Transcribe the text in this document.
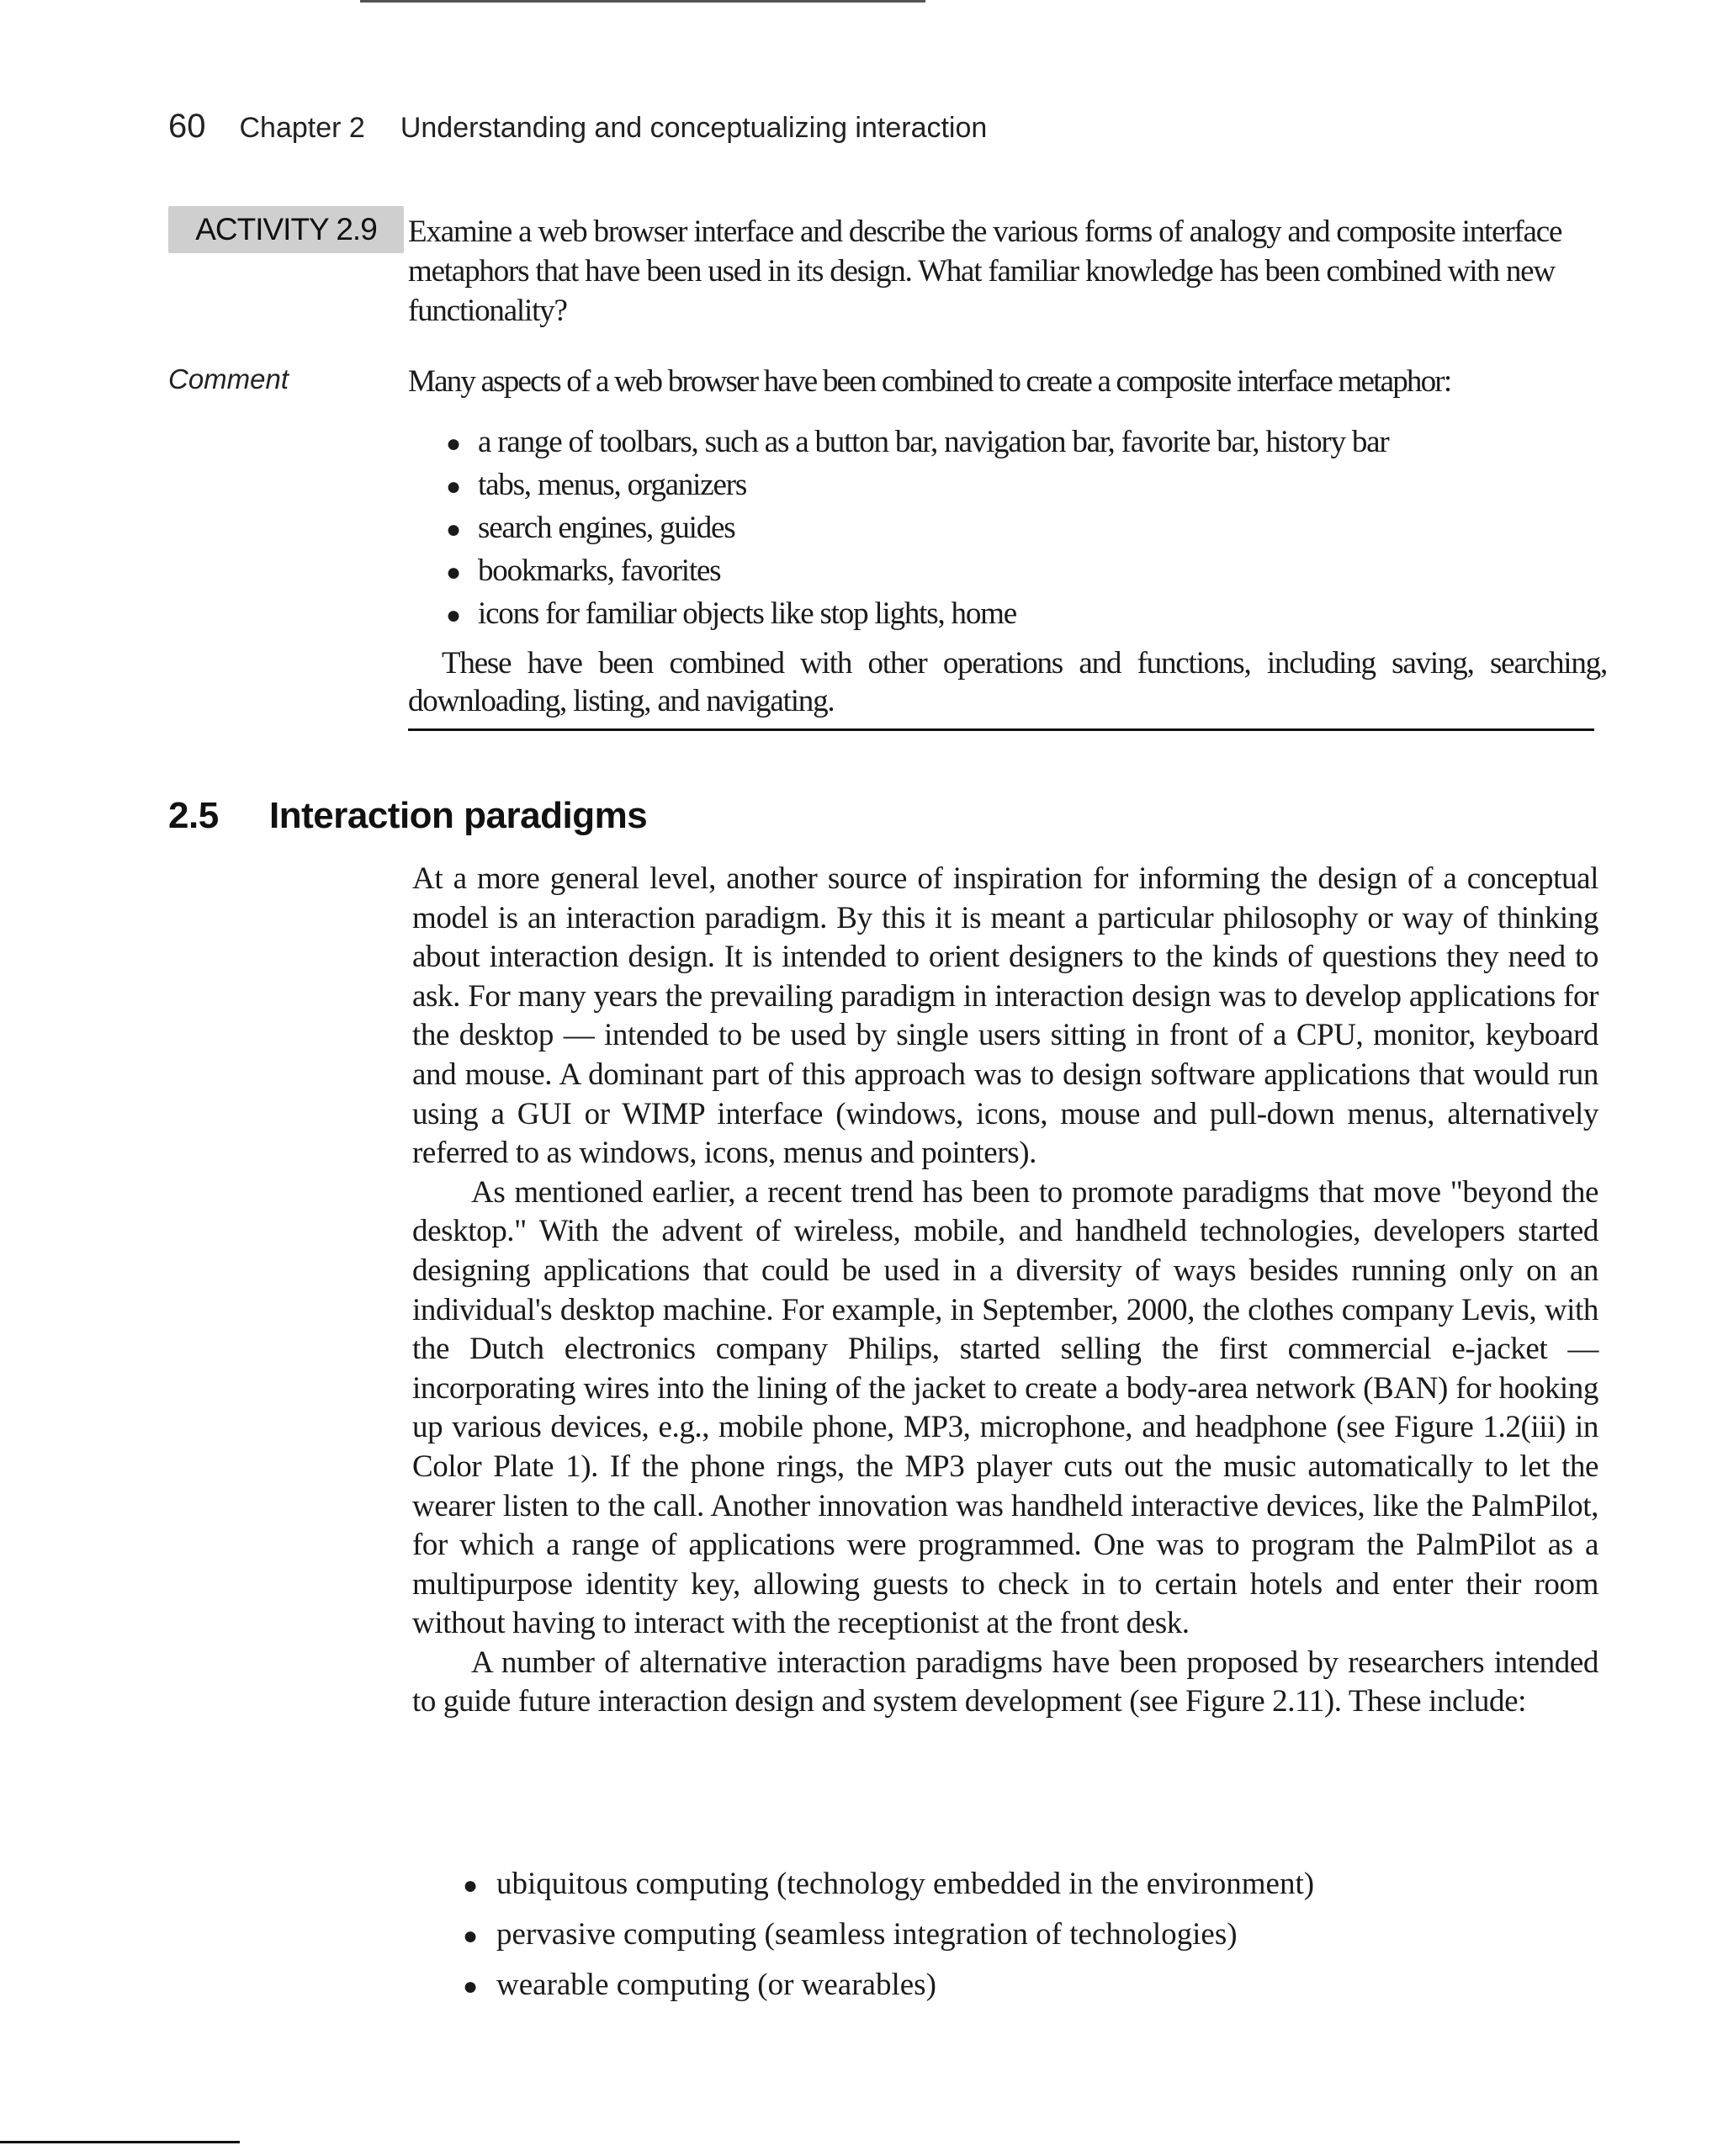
60 Chapter 2 Understanding and conceptualizing interaction
ACTIVITY 2.9	Examine a web browser interface and describe the various forms of analogy and composite interface metaphors that have been used in its design. What familiar knowledge has been combined with new functionality?

Comment	Many aspects of a web browser have been combined to create a composite interface metaphor:

● a range of toolbars, such as a button bar, navigation bar, favorite bar, history bar
● tabs, menus, organizers
● search engines, guides
● bookmarks, favorites
● icons for familiar objects like stop lights, home

These have been combined with other operations and functions, including saving, searching, downloading, listing, and navigating.

2.5 Interaction paradigms

At a more general level, another source of inspiration for informing the design of a conceptual model is an interaction paradigm. By this it is meant a particular philosophy or way of thinking about interaction design. It is intended to orient designers to the kinds of questions they need to ask. For many years the prevailing paradigm in interaction design was to develop applications for the desktop — intended to be used by single users sitting in front of a CPU, monitor, keyboard and mouse. A dominant part of this approach was to design software applications that would run using a GUI or WIMP interface (windows, icons, mouse and pull-down menus, alternatively referred to as windows, icons, menus and pointers).

As mentioned earlier, a recent trend has been to promote paradigms that move "beyond the desktop." With the advent of wireless, mobile, and handheld technologies, developers started designing applications that could be used in a diversity of ways besides running only on an individual's desktop machine. For example, in September, 2000, the clothes company Levis, with the Dutch electronics company Philips, started selling the first commercial e-jacket — incorporating wires into the lining of the jacket to create a body-area network (BAN) for hooking up various devices, e.g., mobile phone, MP3, microphone, and headphone (see Figure 1.2(iii) in Color Plate 1). If the phone rings, the MP3 player cuts out the music automatically to let the wearer listen to the call. Another innovation was handheld interactive devices, like the PalmPilot, for which a range of applications were programmed. One was to program the PalmPilot as a multipurpose identity key, allowing guests to check in to certain hotels and enter their room without having to interact with the receptionist at the front desk.

A number of alternative interaction paradigms have been proposed by researchers intended to guide future interaction design and system development (see Figure 2.11). These include:

● ubiquitous computing (technology embedded in the environment)
● pervasive computing (seamless integration of technologies)
● wearable computing (or wearables)
